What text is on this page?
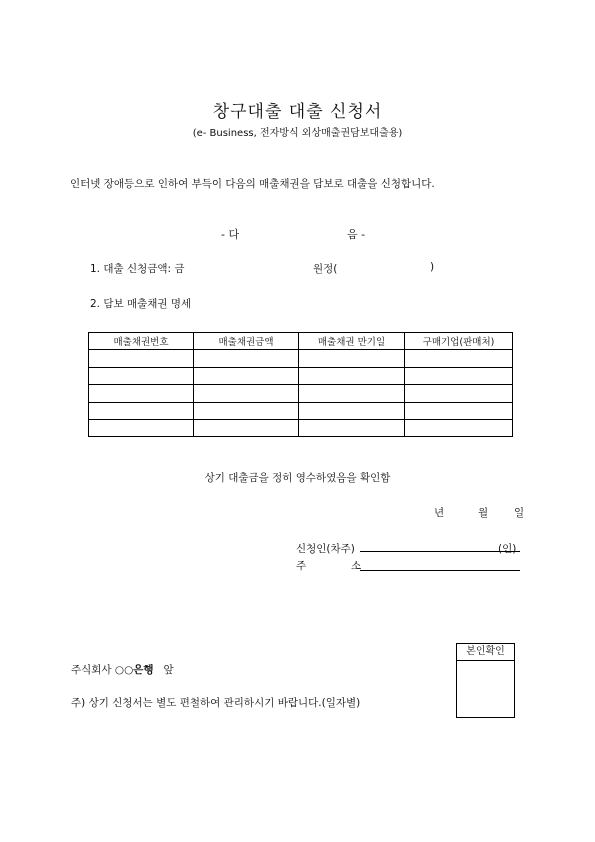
창구대출 대출 신청서
(e- Business, 전자방식 외상매출권담보대출용)
인터넷 장애등으로 인하여 부득이 다음의 매출채권을 담보로 대출을 신청합니다.
- 다	음 -
1. 대출 신청금액: 금	원정(	)
2. 담보 매출채권 명세
매출채권번호	매출채권금액	매출채권 만기일	구매기업(판매처)

상기 대출금을 정히 영수하였음을 확인함
년	월 일
신청인(차주)	(인)
주	소
주식회사 ○○은행 앞
본인확인
주) 상기 신청서는 별도 편철하여 관리하시기 바랍니다.(일자별)
